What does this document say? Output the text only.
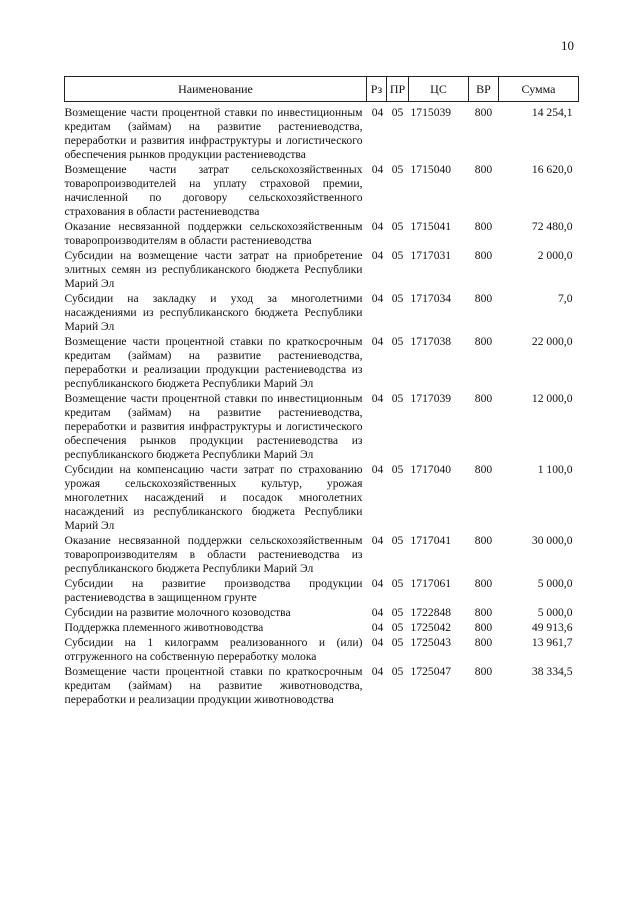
10
Наименование	Рз	ПР	ЦС	ВР	Сумма
Возмещение части процентной ставки по инвестиционным кредитам (займам) на развитие растениеводства, переработки и развития инфраструктуры и логистического обеспечения рынков продукции растениеводства	04	05	1715039	800	14 254,1
Возмещение части затрат сельскохозяйственных товаропроизводителей на уплату страховой премии, начисленной по договору сельскохозяйственного страхования в области растениеводства	04	05	1715040	800	16 620,0
Оказание несвязанной поддержки сельскохозяйственным товаропроизводителям в области растениеводства	04	05	1715041	800	72 480,0
Субсидии на возмещение части затрат на приобретение элитных семян из республиканского бюджета Республики Марий Эл	04	05	1717031	800	2 000,0
Субсидии на закладку и уход за многолетними насаждениями из республиканского бюджета Республики Марий Эл	04	05	1717034	800	7,0
Возмещение части процентной ставки по краткосрочным кредитам (займам) на развитие растениеводства, переработки и реализации продукции растениеводства из республиканского бюджета Республики Марий Эл	04	05	1717038	800	22 000,0
Возмещение части процентной ставки по инвестиционным кредитам (займам) на развитие растениеводства, переработки и развития инфраструктуры и логистического обеспечения рынков продукции растениеводства из республиканского бюджета Республики Марий Эл	04	05	1717039	800	12 000,0
Субсидии на компенсацию части затрат по страхованию урожая сельскохозяйственных культур, урожая многолетних насаждений и посадок многолетних насаждений из республиканского бюджета Республики Марий Эл	04	05	1717040	800	1 100,0
Оказание несвязанной поддержки сельскохозяйственным товаропроизводителям в области растениеводства из республиканского бюджета Республики Марий Эл	04	05	1717041	800	30 000,0
Субсидии на развитие производства продукции растениеводства в защищенном грунте	04	05	1717061	800	5 000,0
Субсидии на развитие молочного козоводства	04	05	1722848	800	5 000,0
Поддержка племенного животноводства	04	05	1725042	800	49 913,6
Субсидии на 1 килограмм реализованного и (или) отгруженного на собственную переработку молока	04	05	1725043	800	13 961,7
Возмещение части процентной ставки по краткосрочным кредитам (займам) на развитие животноводства, переработки и реализации продукции животноводства	04	05	1725047	800	38 334,5
